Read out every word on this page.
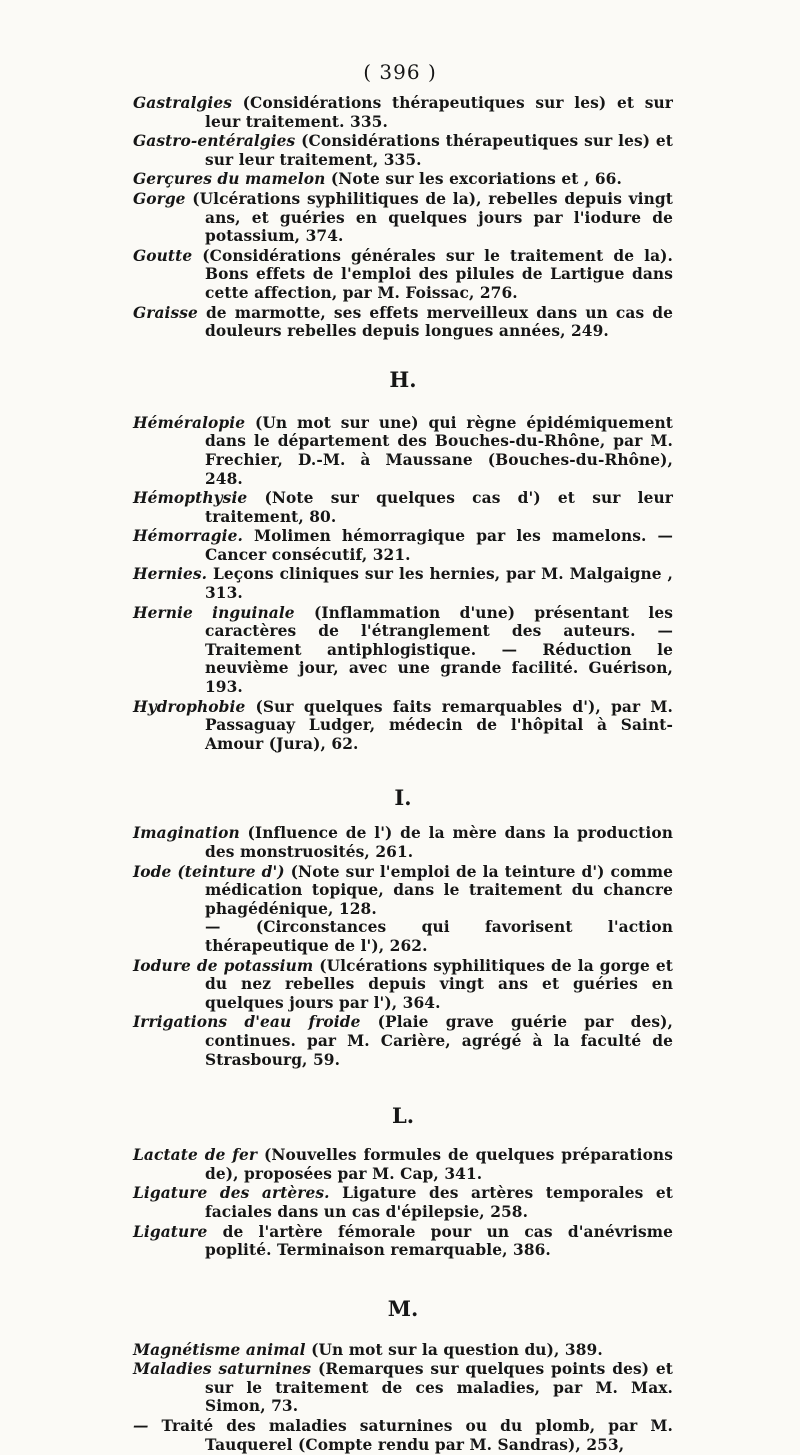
( 396 )

Gastralgies (Considérations thérapeutiques sur les) et sur leur traitement. 335.

Gastro-entéralgies (Considérations thérapeutiques sur les) et sur leur traitement, 335.

Gerçures du mamelon (Note sur les excoriations et , 66.

Gorge (Ulcérations syphilitiques de la), rebelles depuis vingt ans, et guéries en quelques jours par l'iodure de potassium, 374.

Goutte (Considérations générales sur le traitement de la). Bons effets de l'emploi des pilules de Lartigue dans cette affection, par M. Foissac, 276.

Graisse de marmotte, ses effets merveilleux dans un cas de douleurs rebelles depuis longues années, 249.

H.

Héméralopie (Un mot sur une) qui règne épidémiquement dans le département des Bouches-du-Rhône, par M. Frechier, D.-M. à Maussane (Bouches-du-Rhône), 248.

Hémopthysie (Note sur quelques cas d') et sur leur traitement, 80.

Hémorragie. Molimen hémorragique par les mamelons. — Cancer consécutif, 321.

Hernies. Leçons cliniques sur les hernies, par M. Malgaigne , 313.

Hernie inguinale (Inflammation d'une) présentant les caractères de l'étranglement des auteurs. — Traitement antiphlogistique. — Réduction le neuvième jour, avec une grande facilité. Guérison, 193.

Hydrophobie (Sur quelques faits remarquables d'), par M. Passaguay Ludger, médecin de l'hôpital à Saint-Amour (Jura), 62.

I.

Imagination (Influence de l') de la mère dans la production des monstruosités, 261.

Iode (teinture d') (Note sur l'emploi de la teinture d') comme médication topique, dans le traitement du chancre phagédénique, 128.
— (Circonstances qui favorisent l'action thérapeutique de l'), 262.

Iodure de potassium (Ulcérations syphilitiques de la gorge et du nez rebelles depuis vingt ans et guéries en quelques jours par l'), 364.

Irrigations d'eau froide (Plaie grave guérie par des), continues. par M. Carière, agrégé à la faculté de Strasbourg, 59.

L.

Lactate de fer (Nouvelles formules de quelques préparations de), proposées par M. Cap, 341.

Ligature des artères. Ligature des artères temporales et faciales dans un cas d'épilepsie, 258.

Ligature de l'artère fémorale pour un cas d'anévrisme poplité. Terminaison remarquable, 386.

M.

Magnétisme animal (Un mot sur la question du), 389.

Maladies saturnines (Remarques sur quelques points des) et sur le traitement de ces maladies, par M. Max. Simon, 73.

— Traité des maladies saturnines ou du plomb, par M. Tauquerel (Compte rendu par M. Sandras), 253,
